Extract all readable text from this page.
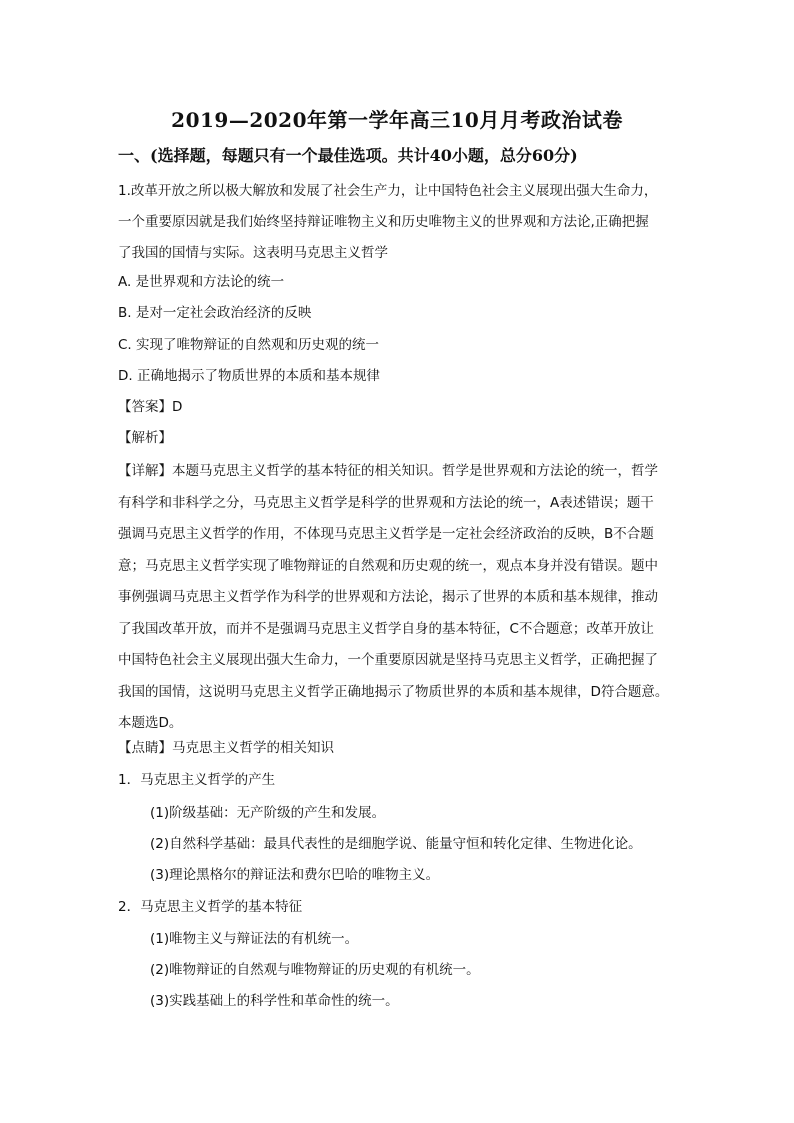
2019—2020年第一学年高三10月月考政治试卷
一、(选择题，每题只有一个最佳选项。共计40小题，总分60分)
1.改革开放之所以极大解放和发展了社会生产力，让中国特色社会主义展现出强大生命力，
一个重要原因就是我们始终坚持辩证唯物主义和历史唯物主义的世界观和方法论,正确把握
了我国的国情与实际。这表明马克思主义哲学
A. 是世界观和方法论的统一
B. 是对一定社会政治经济的反映
C. 实现了唯物辩证的自然观和历史观的统一
D. 正确地揭示了物质世界的本质和基本规律
【答案】D
【解析】
【详解】本题马克思主义哲学的基本特征的相关知识。哲学是世界观和方法论的统一，哲学
有科学和非科学之分，马克思主义哲学是科学的世界观和方法论的统一，A表述错误；题干
强调马克思主义哲学的作用，不体现马克思主义哲学是一定社会经济政治的反映，B不合题
意；马克思主义哲学实现了唯物辩证的自然观和历史观的统一，观点本身并没有错误。题中
事例强调马克思主义哲学作为科学的世界观和方法论，揭示了世界的本质和基本规律，推动
了我国改革开放，而并不是强调马克思主义哲学自身的基本特征，C不合题意；改革开放让
中国特色社会主义展现出强大生命力，一个重要原因就是坚持马克思主义哲学，正确把握了
我国的国情，这说明马克思主义哲学正确地揭示了物质世界的本质和基本规律，D符合题意。
本题选D。
【点睛】马克思主义哲学的相关知识
1．马克思主义哲学的产生
(1)阶级基础：无产阶级的产生和发展。
(2)自然科学基础：最具代表性的是细胞学说、能量守恒和转化定律、生物进化论。
(3)理论黑格尔的辩证法和费尔巴哈的唯物主义。
2．马克思主义哲学的基本特征
(1)唯物主义与辩证法的有机统一。
(2)唯物辩证的自然观与唯物辩证的历史观的有机统一。
(3)实践基础上的科学性和革命性的统一。
